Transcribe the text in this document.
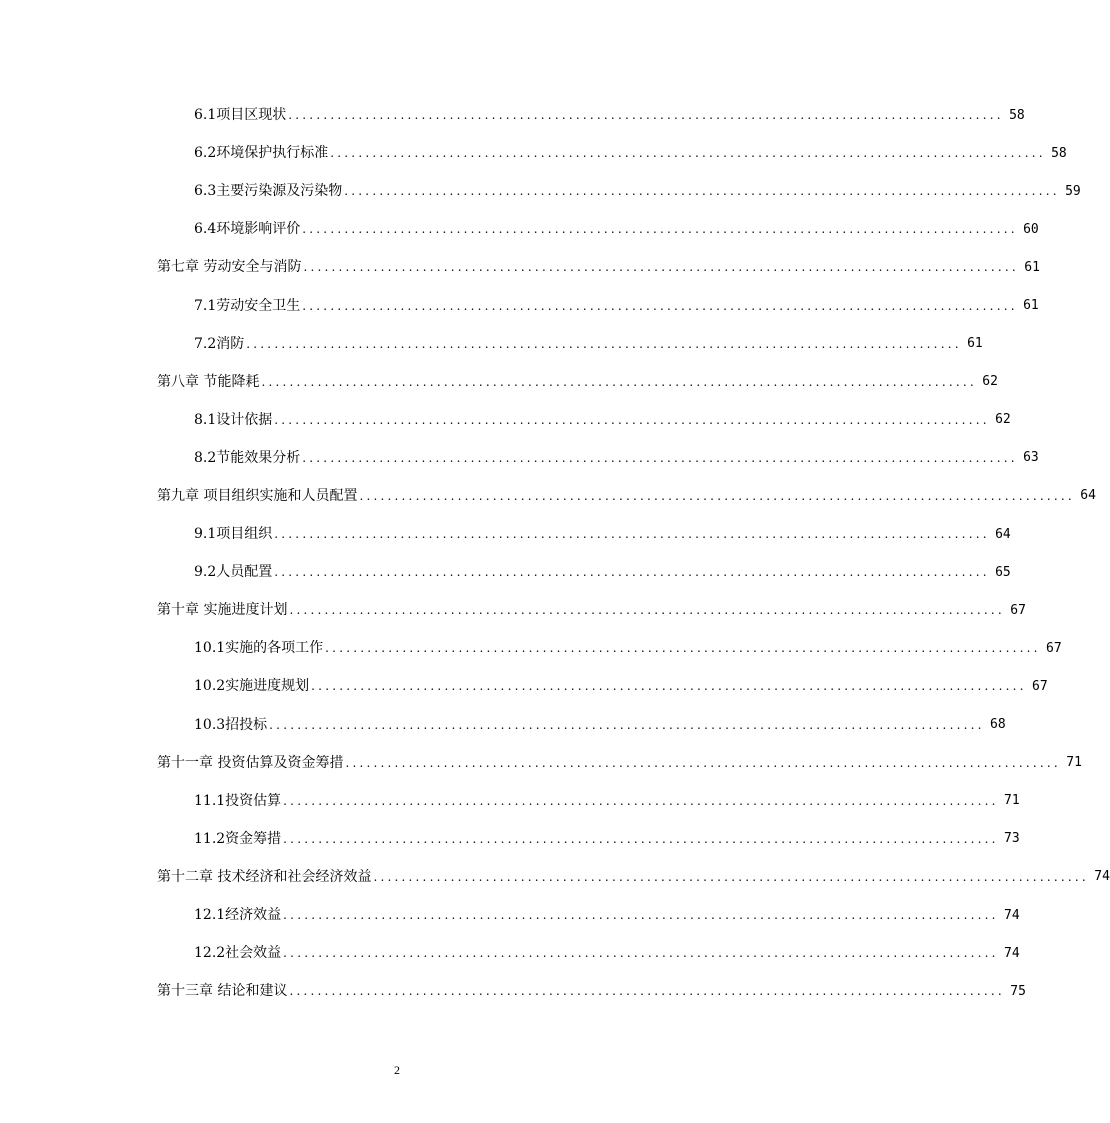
6.1项目区现状 ...................................................................................................... 58
6.2环境保护执行标准 ...................................................................................................... 58
6.3主要污染源及污染物 ...................................................................................................... 59
6.4环境影响评价 ...................................................................................................... 60
第七章 劳动安全与消防 ...................................................................................................... 61
7.1劳动安全卫生 ...................................................................................................... 61
7.2消防 ...................................................................................................... 61
第八章 节能降耗 ...................................................................................................... 62
8.1设计依据 ...................................................................................................... 62
8.2节能效果分析 ...................................................................................................... 63
第九章 项目组织实施和人员配置 ...................................................................................................... 64
9.1项目组织 ...................................................................................................... 64
9.2人员配置 ...................................................................................................... 65
第十章 实施进度计划 ...................................................................................................... 67
10.1实施的各项工作 ...................................................................................................... 67
10.2实施进度规划 ...................................................................................................... 67
10.3招投标 ...................................................................................................... 68
第十一章 投资估算及资金筹措 ...................................................................................................... 71
11.1投资估算 ...................................................................................................... 71
11.2资金筹措 ...................................................................................................... 73
第十二章 技术经济和社会经济效益 ...................................................................................................... 74
12.1经济效益 ...................................................................................................... 74
12.2社会效益 ...................................................................................................... 74
第十三章 结论和建议 ...................................................................................................... 75
2
